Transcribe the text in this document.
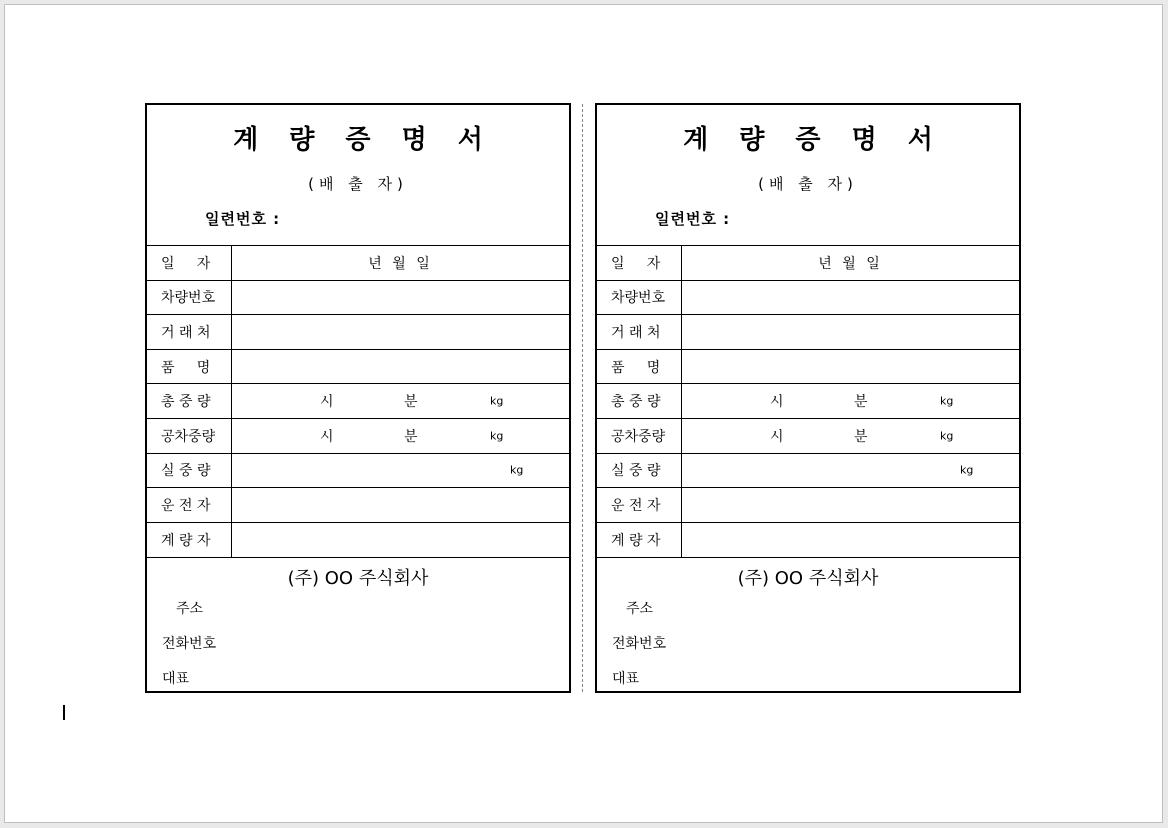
계 량 증 명 서
(배 출 자)
일련번호 :
일     자	년 월 일
차량번호
거 래 처
품     명
총 중 량	시	분	kg
공차중량	시	분	kg
실 중 량	kg
운 전 자
계 량 자
(주) OO 주식회사
주소
전화번호
대표
계 량 증 명 서
(배 출 자)
일련번호 :
일     자	년 월 일
차량번호
거 래 처
품     명
총 중 량	시	분	kg
공차중량	시	분	kg
실 중 량	kg
운 전 자
계 량 자
(주) OO 주식회사
주소
전화번호
대표
